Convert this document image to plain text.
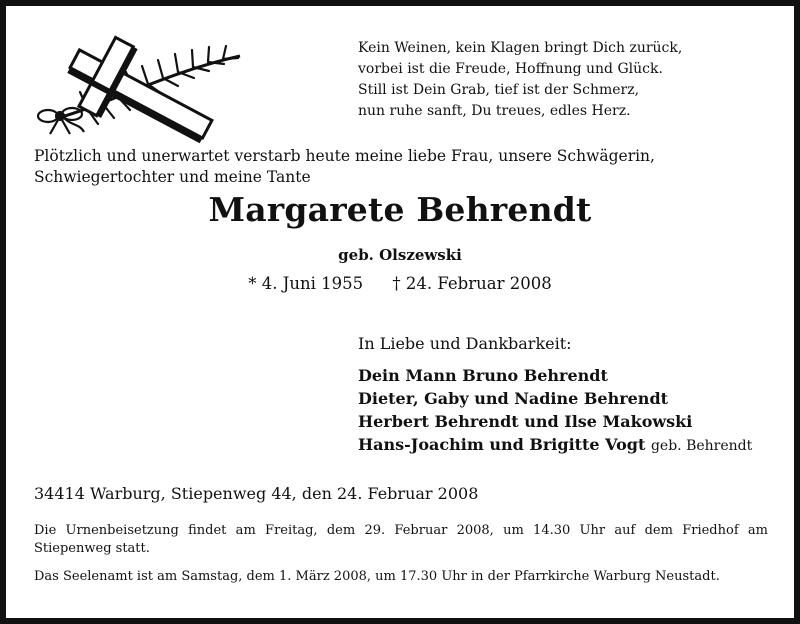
Kein Weinen, kein Klagen bringt Dich zurück,
vorbei ist die Freude, Hoffnung und Glück.
Still ist Dein Grab, tief ist der Schmerz,
nun ruhe sanft, Du treues, edles Herz.
Plötzlich und unerwartet verstarb heute meine liebe Frau, unsere Schwägerin, Schwiegertochter und meine Tante
Margarete Behrendt
geb. Olszewski
* 4. Juni 1955 † 24. Februar 2008
In Liebe und Dankbarkeit:
Dein Mann Bruno Behrendt
Dieter, Gaby und Nadine Behrendt
Herbert Behrendt und Ilse Makowski
Hans-Joachim und Brigitte Vogt geb. Behrendt
34414 Warburg, Stiepenweg 44, den 24. Februar 2008
Die Urnenbeisetzung findet am Freitag, dem 29. Februar 2008, um 14.30 Uhr auf dem Friedhof am Stiepenweg statt.
Das Seelenamt ist am Samstag, dem 1. März 2008, um 17.30 Uhr in der Pfarrkirche Warburg Neustadt.
